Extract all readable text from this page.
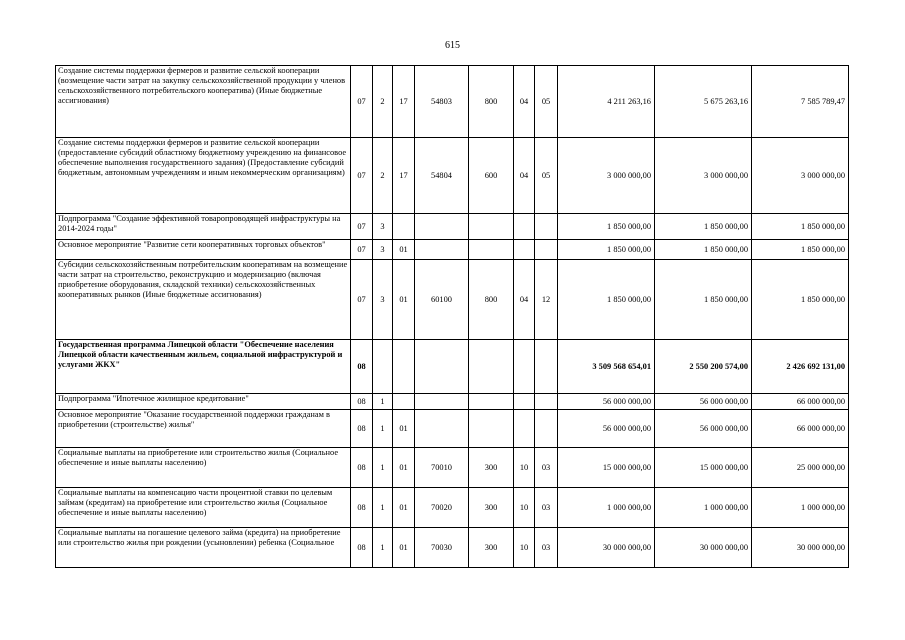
615
Создание системы поддержки фермеров и развитие сельской кооперации (возмещение части затрат на закупку сельскохозяйственной продукции у членов сельскохозяйственного потребительского кооператива) (Иные бюджетные ассигнования)	07	2	17	54803	800	04	05	4 211 263,16	5 675 263,16	7 585 789,47
Создание системы поддержки фермеров и развитие сельской кооперации (предоставление субсидий областному бюджетному учреждению на финансовое обеспечение выполнения государственного задания) (Предоставление субсидий бюджетным, автономным учреждениям и иным некоммерческим организациям)	07	2	17	54804	600	04	05	3 000 000,00	3 000 000,00	3 000 000,00
Подпрограмма "Создание эффективной товаропроводящей инфраструктуры на 2014-2024 годы"	07	3						1 850 000,00	1 850 000,00	1 850 000,00
Основное мероприятие "Развитие сети кооперативных торговых объектов"	07	3	01					1 850 000,00	1 850 000,00	1 850 000,00
Субсидии сельскохозяйственным потребительским кооперативам на возмещение части затрат на строительство, реконструкцию и модернизацию (включая приобретение оборудования, складской техники) сельскохозяйственных кооперативных рынков (Иные бюджетные ассигнования)	07	3	01	60100	800	04	12	1 850 000,00	1 850 000,00	1 850 000,00
Государственная программа Липецкой области "Обеспечение населения Липецкой области качественным жильем, социальной инфраструктурой и услугами ЖКХ"	08							3 509 568 654,01	2 550 200 574,00	2 426 692 131,00
Подпрограмма "Ипотечное жилищное кредитование"	08	1						56 000 000,00	56 000 000,00	66 000 000,00
Основное мероприятие "Оказание государственной поддержки гражданам в приобретении (строительстве) жилья"	08	1	01					56 000 000,00	56 000 000,00	66 000 000,00
Социальные выплаты на приобретение или строительство жилья (Социальное обеспечение и иные выплаты населению)	08	1	01	70010	300	10	03	15 000 000,00	15 000 000,00	25 000 000,00
Социальные выплаты на компенсацию части процентной ставки по целевым займам (кредитам) на приобретение или строительство жилья (Социальное обеспечение и иные выплаты населению)	08	1	01	70020	300	10	03	1 000 000,00	1 000 000,00	1 000 000,00
Социальные выплаты на погашение целевого займа (кредита) на приобретение или строительство жилья при рождении (усыновлении) ребенка (Социальное	08	1	01	70030	300	10	03	30 000 000,00	30 000 000,00	30 000 000,00
